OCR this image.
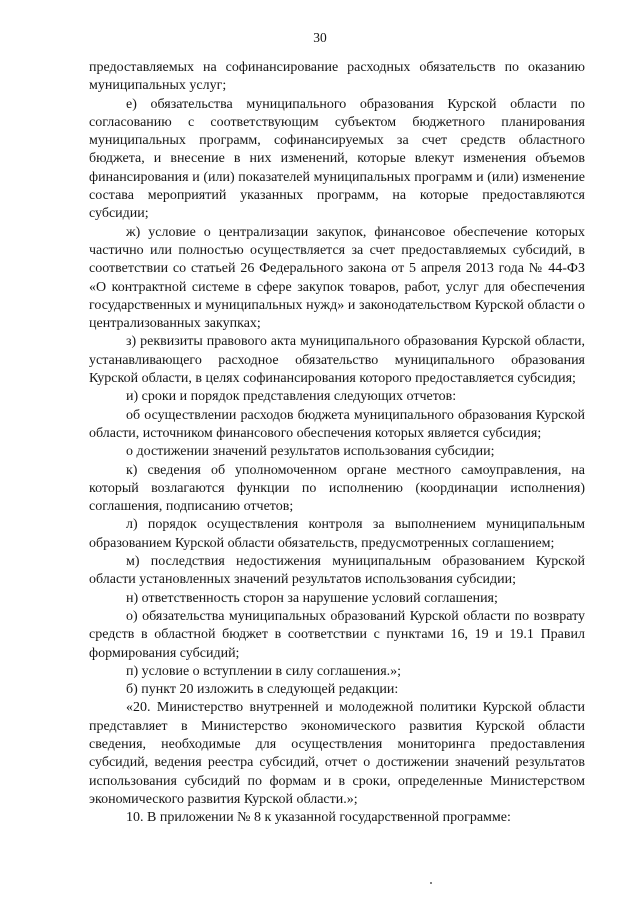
30

предоставляемых на софинансирование расходных обязательств по оказанию муниципальных услуг;

е) обязательства муниципального образования Курской области по согласованию с соответствующим субъектом бюджетного планирования муниципальных программ, софинансируемых за счет средств областного бюджета, и внесение в них изменений, которые влекут изменения объемов финансирования и (или) показателей муниципальных программ и (или) изменение состава мероприятий указанных программ, на которые предоставляются субсидии;

ж) условие о централизации закупок, финансовое обеспечение которых частично или полностью осуществляется за счет предоставляемых субсидий, в соответствии со статьей 26 Федерального закона от 5 апреля 2013 года № 44-ФЗ «О контрактной системе в сфере закупок товаров, работ, услуг для обеспечения государственных и муниципальных нужд» и законодательством Курской области о централизованных закупках;

з) реквизиты правового акта муниципального образования Курской области, устанавливающего расходное обязательство муниципального образования Курской области, в целях софинансирования которого предоставляется субсидия;

и) сроки и порядок представления следующих отчетов:

об осуществлении расходов бюджета муниципального образования Курской области, источником финансового обеспечения которых является субсидия;

о достижении значений результатов использования субсидии;

к) сведения об уполномоченном органе местного самоуправления, на который возлагаются функции по исполнению (координации исполнения) соглашения, подписанию отчетов;

л) порядок осуществления контроля за выполнением муниципальным образованием Курской области обязательств, предусмотренных соглашением;

м) последствия недостижения муниципальным образованием Курской области установленных значений результатов использования субсидии;

н) ответственность сторон за нарушение условий соглашения;

о) обязательства муниципальных образований Курской области по возврату средств в областной бюджет в соответствии с пунктами 16, 19 и 19.1 Правил формирования субсидий;

п) условие о вступлении в силу соглашения.»;

б) пункт 20 изложить в следующей редакции:

«20. Министерство внутренней и молодежной политики Курской области представляет в Министерство экономического развития Курской области сведения, необходимые для осуществления мониторинга предоставления субсидий, ведения реестра субсидий, отчет о достижении значений результатов использования субсидий по формам и в сроки, определенные Министерством экономического развития Курской области.»;

10. В приложении № 8 к указанной государственной программе:
